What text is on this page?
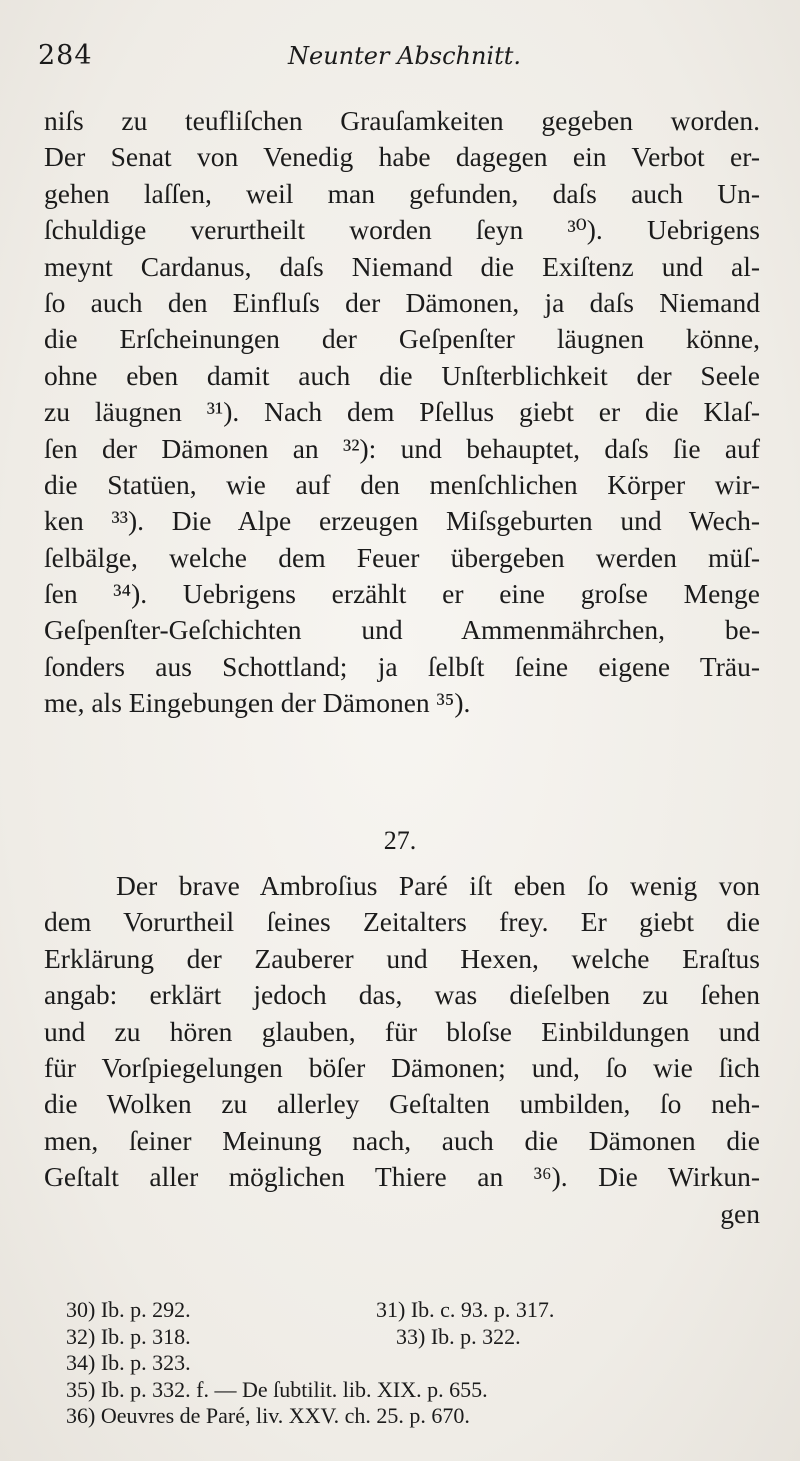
284	Neunter Abschnitt.
niſs zu teufliſchen Grauſamkeiten gegeben worden.
Der Senat von Venedig habe dagegen ein Verbot er-
gehen laſſen, weil man gefunden, daſs auch Un-
ſchuldige verurtheilt worden ſeyn ³⁰). Uebrigens
meynt Cardanus, daſs Niemand die Exiſtenz und al-
ſo auch den Einfluſs der Dämonen, ja daſs Niemand
die Erſcheinungen der Geſpenſter läugnen könne,
ohne eben damit auch die Unſterblichkeit der Seele
zu läugnen ³¹). Nach dem Pſellus giebt er die Klaſ-
ſen der Dämonen an ³²): und behauptet, daſs ſie auf
die Statüen, wie auf den menſchlichen Körper wir-
ken ³³). Die Alpe erzeugen Miſsgeburten und Wech-
ſelbälge, welche dem Feuer übergeben werden müſ-
ſen ³⁴). Uebrigens erzählt er eine groſse Menge
Geſpenſter-Geſchichten und Ammenmährchen, be-
ſonders aus Schottland; ja ſelbſt ſeine eigene Träu-
me, als Eingebungen der Dämonen ³⁵).
27.
Der brave Ambroſius Paré iſt eben ſo wenig von
dem Vorurtheil ſeines Zeitalters frey. Er giebt die
Erklärung der Zauberer und Hexen, welche Eraſtus
angab: erklärt jedoch das, was dieſelben zu ſehen
und zu hören glauben, für bloſse Einbildungen und
für Vorſpiegelungen böſer Dämonen; und, ſo wie ſich
die Wolken zu allerley Geſtalten umbilden, ſo neh-
men, ſeiner Meinung nach, auch die Dämonen die
Geſtalt aller möglichen Thiere an ³⁶). Die Wirkun-
gen
30) Ib. p. 292.	31) Ib. c. 93. p. 317.
32) Ib. p. 318.	33) Ib. p. 322.
34) Ib. p. 323.
35) Ib. p. 332. f. — De ſubtilit. lib. XIX. p. 655.
36) Oeuvres de Paré, liv. XXV. ch. 25. p. 670.
